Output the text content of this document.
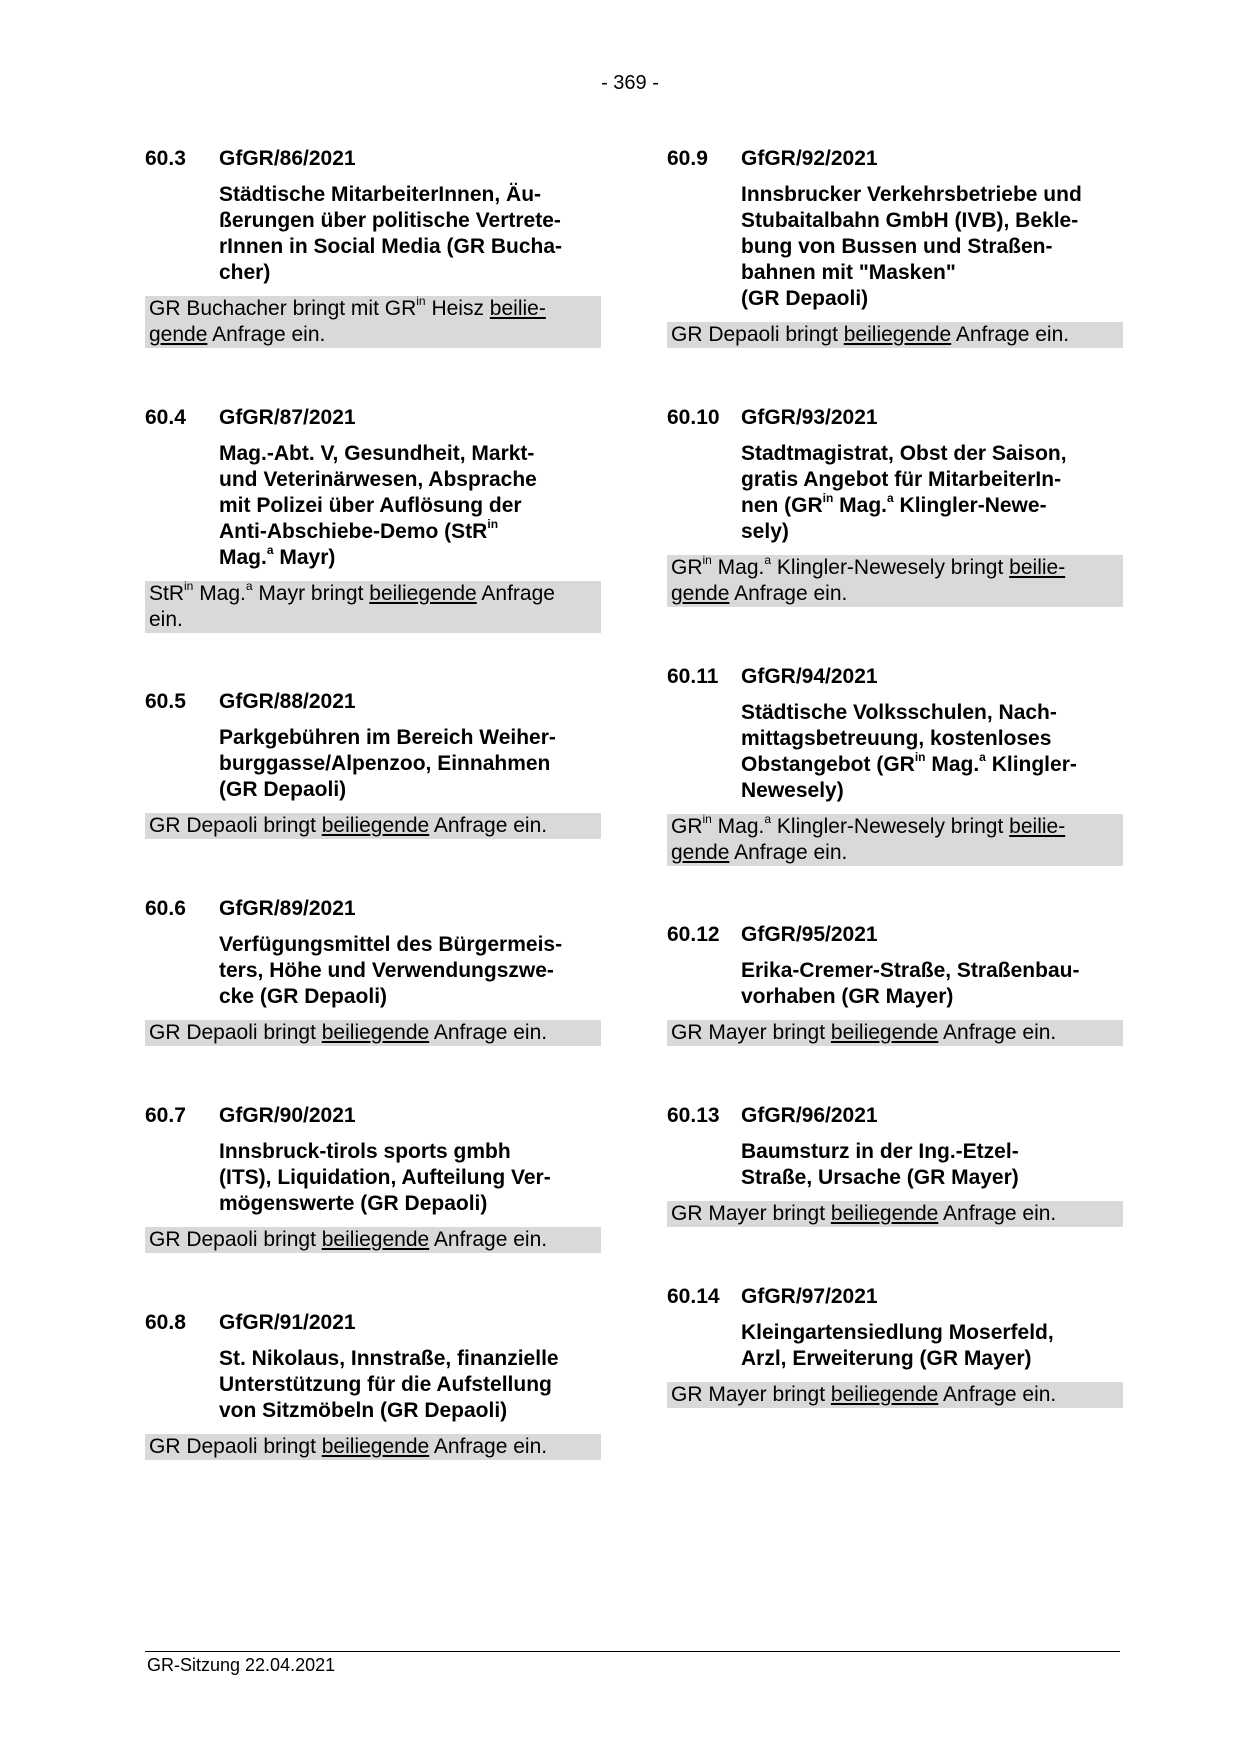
- 369 -
60.3	GfGR/86/2021
Städtische MitarbeiterInnen, Äu-
ßerungen über politische Vertrete-
rInnen in Social Media (GR Bucha-
cher)
GR Buchacher bringt mit $GR^{in}$ Heisz beilie-
gende Anfrage ein.
60.4	GfGR/87/2021
Mag.-Abt. V, Gesundheit, Markt-
und Veterinärwesen, Absprache
mit Polizei über Auflösung der
Anti-Abschiebe-Demo (StR$^{in}$
Mag.$^a$ Mayr)
StR$^{in}$ Mag.$^a$ Mayr bringt beiliegende Anfrage
ein.
60.5	GfGR/88/2021
Parkgebühren im Bereich Weiher-
burggasse/Alpenzoo, Einnahmen
(GR Depaoli)
GR Depaoli bringt beiliegende Anfrage ein.
60.6	GfGR/89/2021
Verfügungsmittel des Bürgermeis-
ters, Höhe und Verwendungszwe-
cke (GR Depaoli)
GR Depaoli bringt beiliegende Anfrage ein.
60.7	GfGR/90/2021
Innsbruck-tirols sports gmbh
(ITS), Liquidation, Aufteilung Ver-
mögenswerte (GR Depaoli)
GR Depaoli bringt beiliegende Anfrage ein.
60.8	GfGR/91/2021
St. Nikolaus, Innstraße, finanzielle
Unterstützung für die Aufstellung
von Sitzmöbeln (GR Depaoli)
GR Depaoli bringt beiliegende Anfrage ein.
60.9	GfGR/92/2021
Innsbrucker Verkehrsbetriebe und
Stubaitalbahn GmbH (IVB), Bekle-
bung von Bussen und Straßen-
bahnen mit "Masken"
(GR Depaoli)
GR Depaoli bringt beiliegende Anfrage ein.
60.10	GfGR/93/2021
Stadtmagistrat, Obst der Saison,
gratis Angebot für MitarbeiterIn-
nen ($GR^{in}$ Mag.$^a$ Klingler-Newe-
sely)
$GR^{in}$ Mag.$^a$ Klingler-Newesely bringt beilie-
gende Anfrage ein.
60.11	GfGR/94/2021
Städtische Volksschulen, Nach-
mittagsbetreuung, kostenloses
Obstangebot ($GR^{in}$ Mag.$^a$ Klingler-
Newesely)
$GR^{in}$ Mag.$^a$ Klingler-Newesely bringt beilie-
gende Anfrage ein.
60.12	GfGR/95/2021
Erika-Cremer-Straße, Straßenbau-
vorhaben (GR Mayer)
GR Mayer bringt beiliegende Anfrage ein.
60.13	GfGR/96/2021
Baumsturz in der Ing.-Etzel-
Straße, Ursache (GR Mayer)
GR Mayer bringt beiliegende Anfrage ein.
60.14	GfGR/97/2021
Kleingartensiedlung Moserfeld,
Arzl, Erweiterung (GR Mayer)
GR Mayer bringt beiliegende Anfrage ein.
GR-Sitzung 22.04.2021
